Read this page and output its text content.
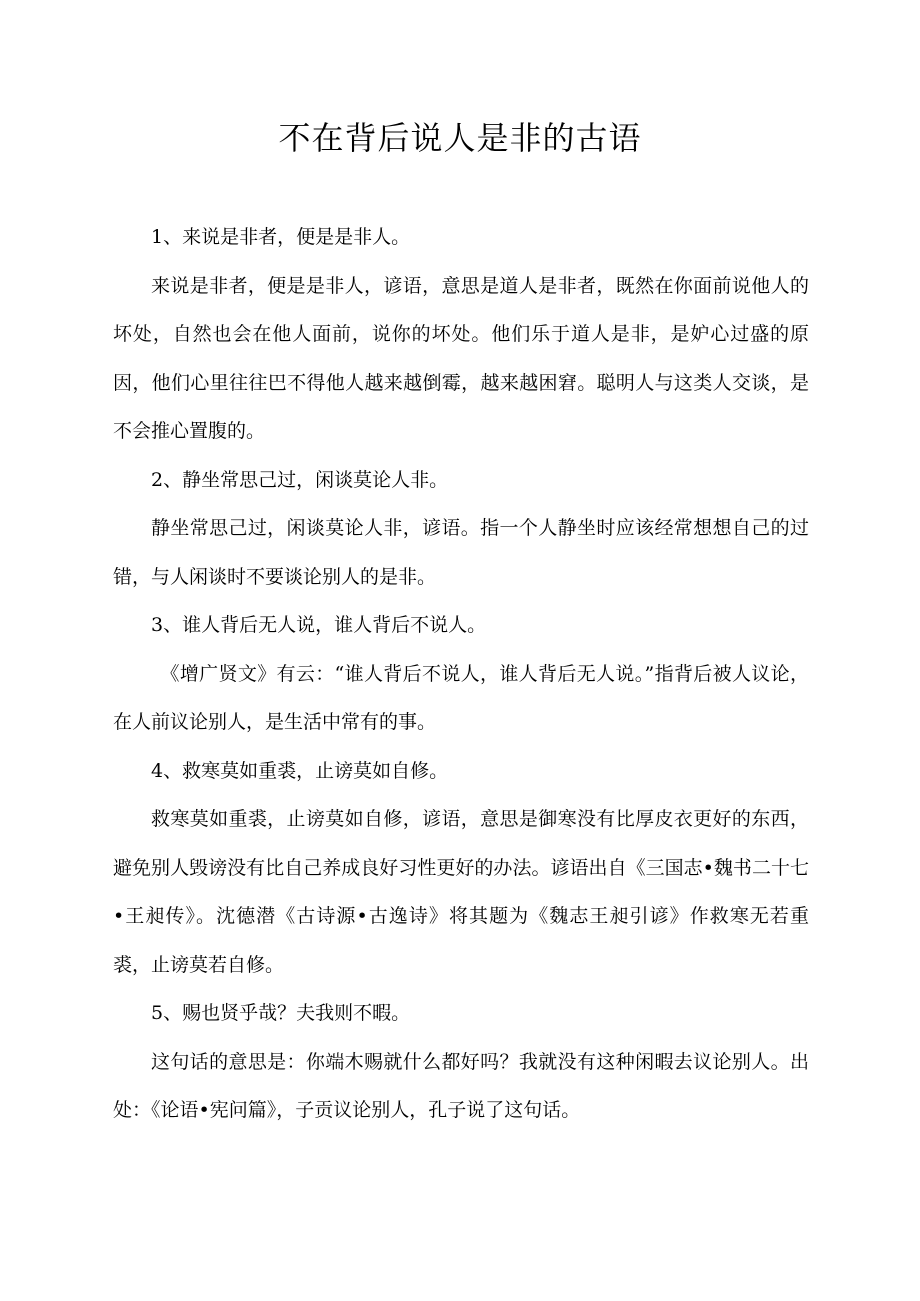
不在背后说人是非的古语

1、来说是非者，便是是非人。

来说是非者，便是是非人，谚语，意思是道人是非者，既然在你面前说他人的坏处，自然也会在他人面前，说你的坏处。他们乐于道人是非，是妒心过盛的原因，他们心里往往巴不得他人越来越倒霉，越来越困窘。聪明人与这类人交谈，是不会推心置腹的。

2、静坐常思己过，闲谈莫论人非。

静坐常思己过，闲谈莫论人非，谚语。指一个人静坐时应该经常想想自己的过错，与人闲谈时不要谈论别人的是非。

3、谁人背后无人说，谁人背后不说人。

《增广贤文》有云：“谁人背后不说人，谁人背后无人说。”指背后被人议论，在人前议论别人，是生活中常有的事。

4、救寒莫如重裘，止谤莫如自修。

救寒莫如重裘，止谤莫如自修，谚语，意思是御寒没有比厚皮衣更好的东西，避免别人毁谤没有比自己养成良好习性更好的办法。谚语出自《三国志•魏书二十七•王昶传》。沈德潜《古诗源•古逸诗》将其题为《魏志王昶引谚》作救寒无若重裘，止谤莫若自修。

5、赐也贤乎哉？夫我则不暇。

这句话的意思是：你端木赐就什么都好吗？我就没有这种闲暇去议论别人。出处：《论语•宪问篇》，子贡议论别人，孔子说了这句话。
